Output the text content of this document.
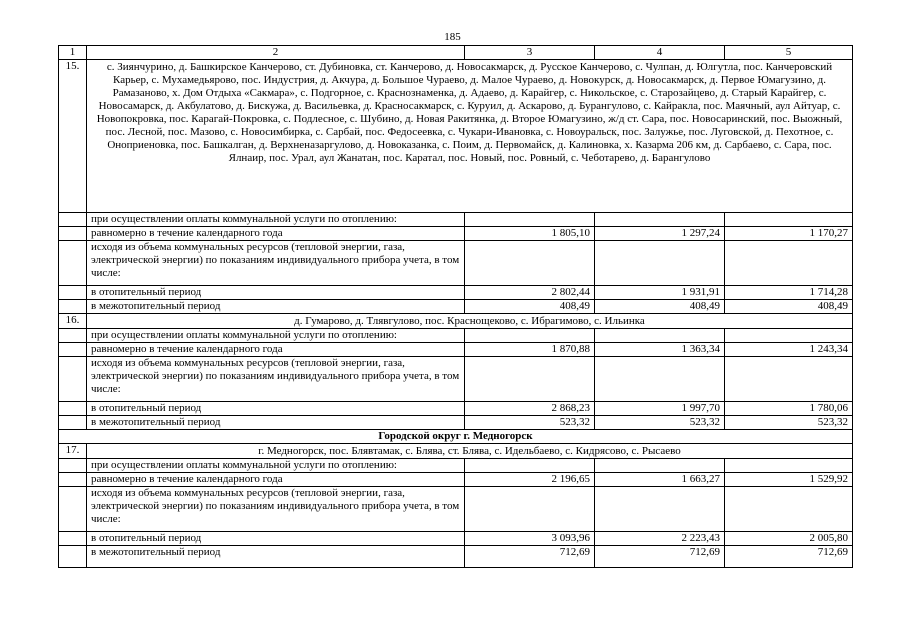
185
1	2	3	4	5
15.	с. Зиянчурино, д. Башкирское Канчерово, ст. Дубиновка, ст. Канчерово, д. Новосакмарск, д. Русское Канчерово, с. Чулпан, д. Юлгутла, пос. Канчеровский Карьер, с. Мухамедьярово, пос. Индустрия, д. Акчура, д. Большое Чураево, д. Малое Чураево, д. Новокурск, д. Новосакмарск, д. Первое Юмагузино, д. Рамазаново, х. Дом Отдыха «Сакмара», с. Подгорное, с. Краснознаменка, д. Адаево, д. Карайгер, с. Никольское, с. Старозайцево, д. Старый Карайгер, с. Новосамарск, д. Акбулатово, д. Бискужа, д. Васильевка, д. Красносакмарск, с. Куруил, д. Аскарово, д. Бурангулово, с. Кайракла, пос. Маячный, аул Айтуар, с. Новопокровка, пос. Карагай-Покровка, с. Подлесное, с. Шубино, д. Новая Ракитянка, д. Второе Юмагузино, ж/д ст. Сара, пос. Новосаринский, пос. Выожный, пос. Лесной, пос. Мазово, с. Новосимбирка, с. Сарбай, пос. Федосеевка, с. Чукари-Ивановка, с. Новоуральск, пос. Залужье, пос. Луговской, д. Пехотное, с. Оноприеновка, пос. Башкалган, д. Верхненазаргулово, д. Новоказанка, с. Поим, д. Первомайск, д. Калиновка, х. Казарма 206 км, д. Сарбаево, с. Сара, пос. Ялнаир, пос. Урал, аул Жанатан, пос. Каратал, пос. Новый, пос. Ровный, с. Чеботарево, д. Барангулово			
	при осуществлении оплаты коммунальной услуги по отоплению:			
	равномерно в течение календарного года	1 805,10	1 297,24	1 170,27
	исходя из объема коммунальных ресурсов (тепловой энергии, газа, электрической энергии) по показаниям индивидуального прибора учета, в том числе:			
	в отопительный период	2 802,44	1 931,91	1 714,28
	в межотопительный период	408,49	408,49	408,49
16.	д. Гумарово, д. Тлявгулово, пос. Краснощеково, с. Ибрагимово, с. Ильинка			
	при осуществлении оплаты коммунальной услуги по отоплению:			
	равномерно в течение календарного года	1 870,88	1 363,34	1 243,34
	исходя из объема коммунальных ресурсов (тепловой энергии, газа, электрической энергии) по показаниям индивидуального прибора учета, в том числе:			
	в отопительный период	2 868,23	1 997,70	1 780,06
	в межотопительный период	523,32	523,32	523,32
Городской округ г. Медногорск				
17.	г. Медногорск, пос. Блявтамак, с. Блява, ст. Блява, с. Идельбаево, с. Кидрясово, с. Рысаево			
	при осуществлении оплаты коммунальной услуги по отоплению:			
	равномерно в течение календарного года	2 196,65	1 663,27	1 529,92
	исходя из объема коммунальных ресурсов (тепловой энергии, газа, электрической энергии) по показаниям индивидуального прибора учета, в том числе:			
	в отопительный период	3 093,96	2 223,43	2 005,80
	в межотопительный период	712,69	712,69	712,69
